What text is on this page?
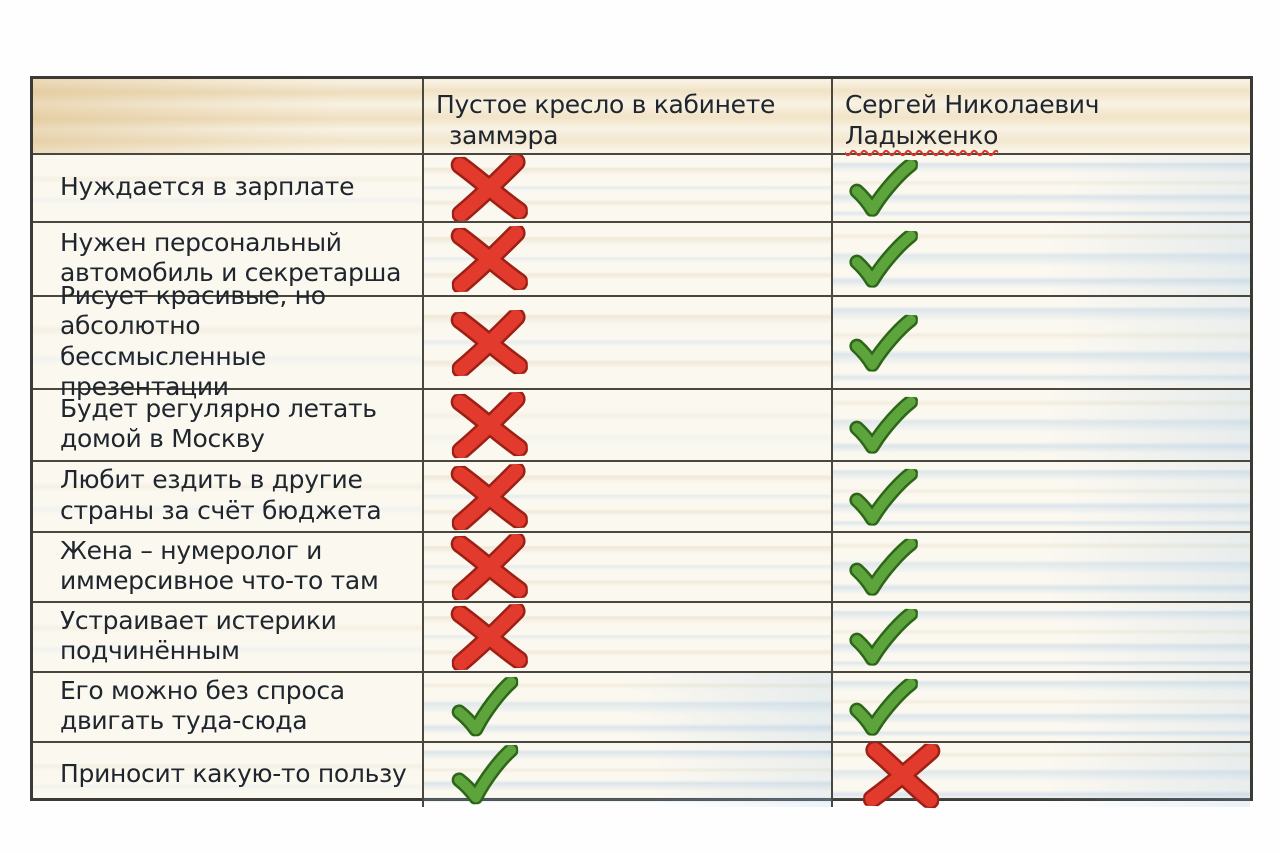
Пустое кресло в кабинете
заммэра
Сергей Николаевич
Ладыженко
Нуждается в зарплате
Нужен персональный автомобиль и секретарша
Рисует красивые, но абсолютно бессмысленные презентации
Будет регулярно летать домой в Москву
Любит ездить в другие страны за счёт бюджета
Жена – нумеролог и иммерсивное что-то там
Устраивает истерики подчинённым
Его можно без спроса двигать туда-сюда
Приносит какую-то пользу
